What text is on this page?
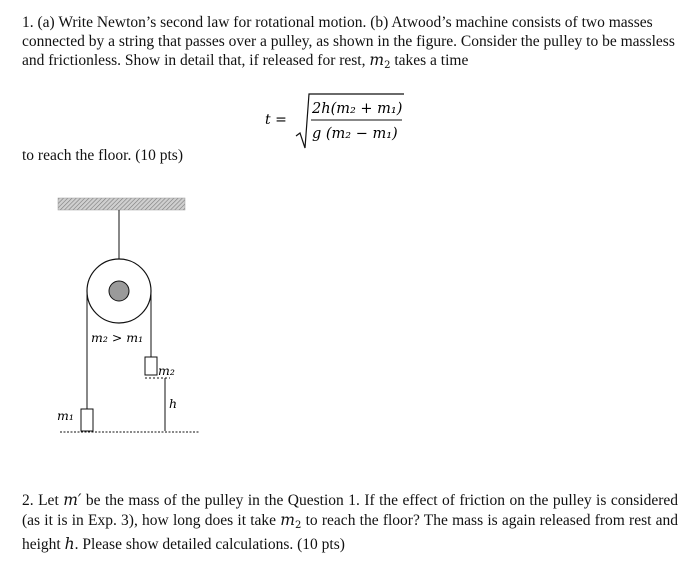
1. (a) Write Newton’s second law for rotational motion. (b) Atwood’s machine consists of two masses connected by a string that passes over a pulley, as shown in the figure. Consider the pulley to be massless and frictionless. Show in detail that, if released for rest, $m_2$ takes a time

t =
2h(m₂ + m₁)
g (m₂ − m₁)

to reach the floor. (10 pts)

m₂ > m₁
m₂
h
m₁

2. Let m′ be the mass of the pulley in the Question 1. If the effect of friction on the pulley is considered (as it is in Exp. 3), how long does it take $m_2$ to reach the floor? The mass is again released from rest and height h. Please show detailed calculations. (10 pts)
